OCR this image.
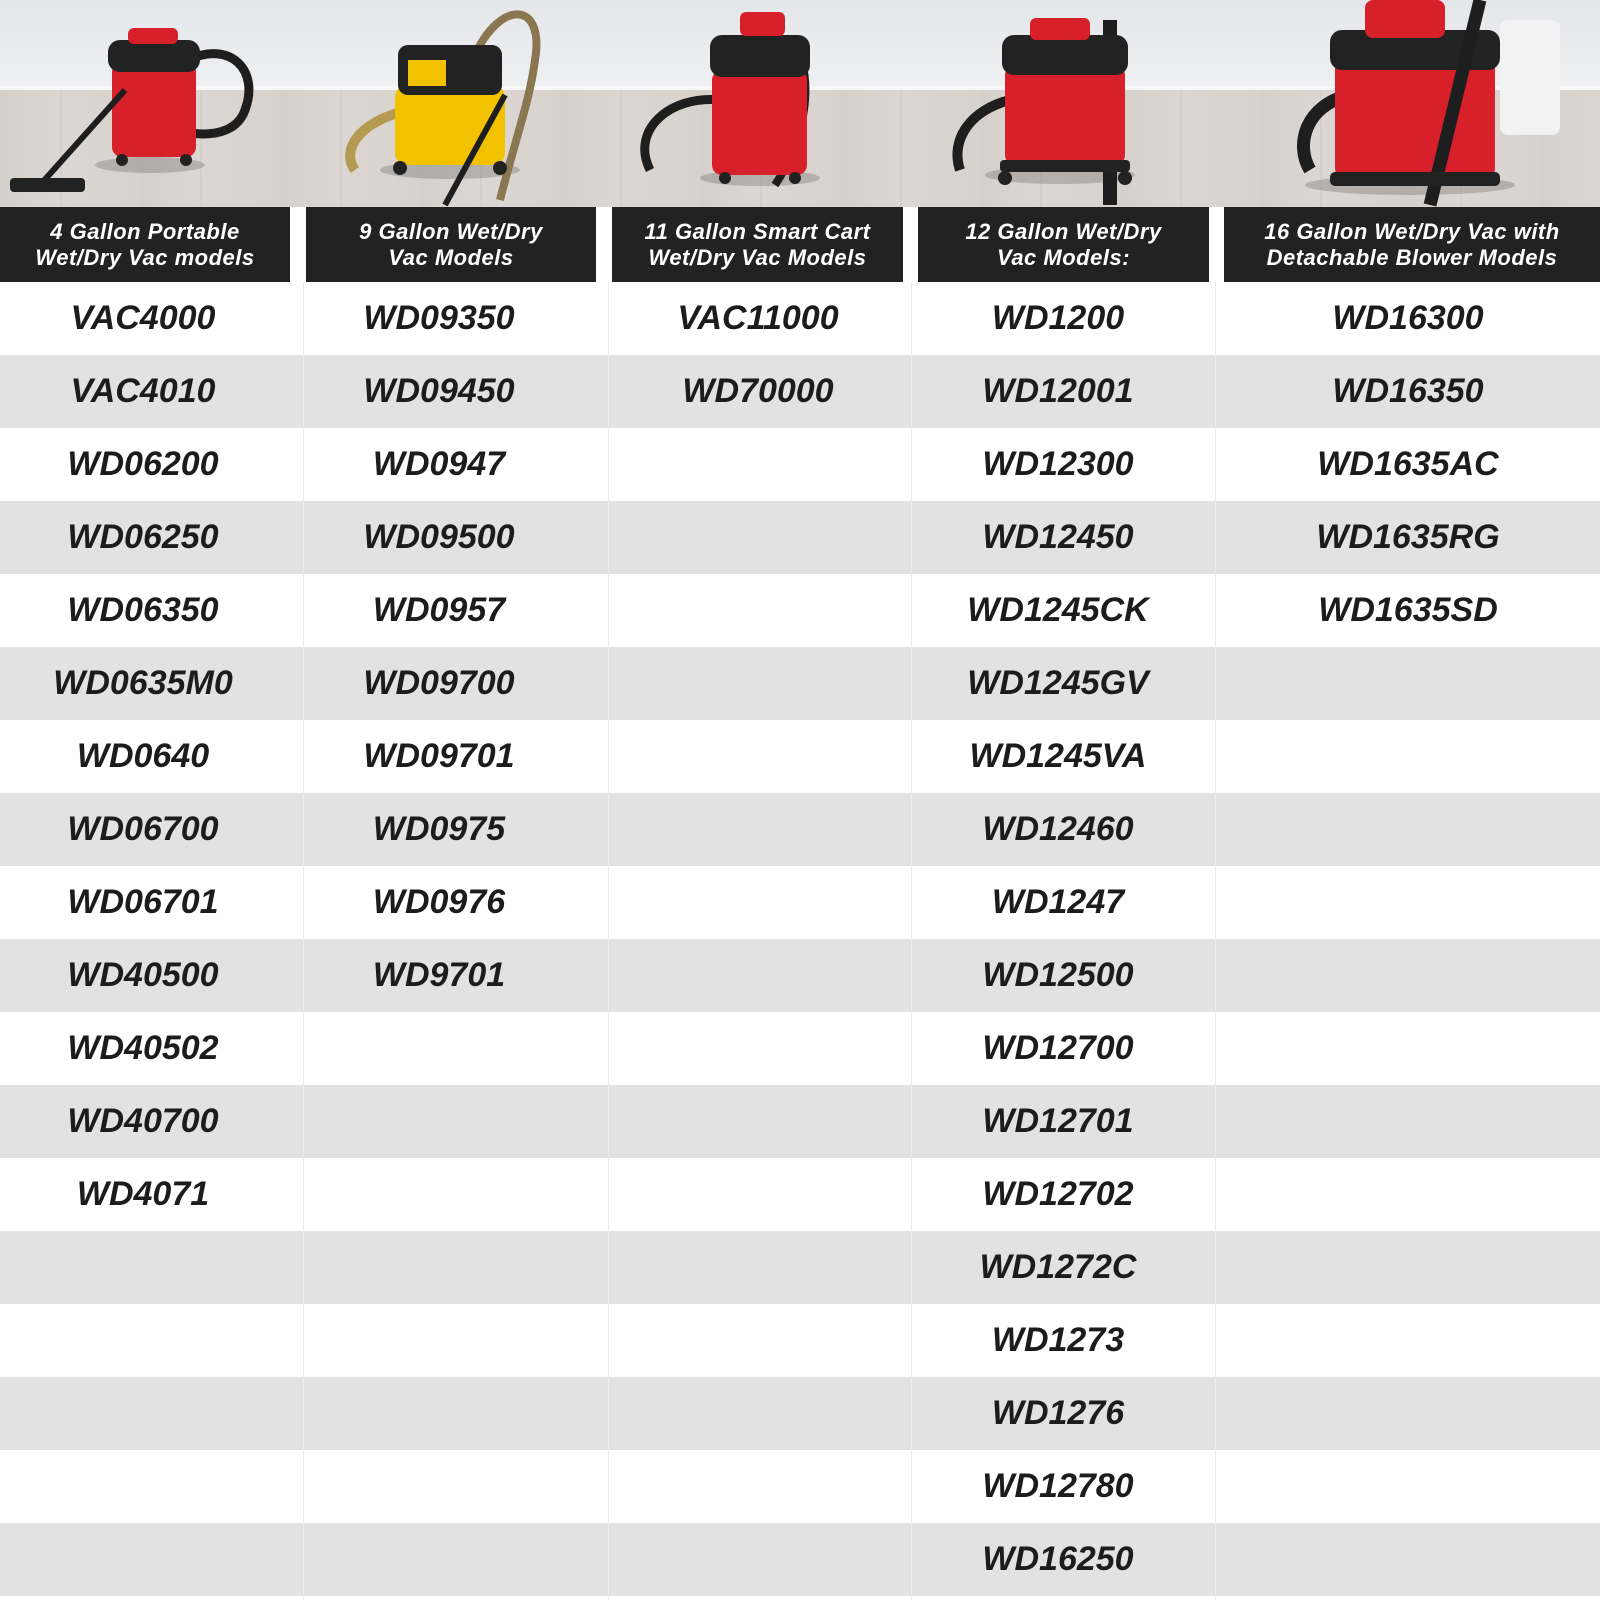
4 Gallon Portable
Wet/Dry Vac models
9 Gallon Wet/Dry
Vac Models
11 Gallon Smart Cart
Wet/Dry Vac Models
12 Gallon Wet/Dry
Vac Models:
16 Gallon Wet/Dry Vac with
Detachable Blower Models
VAC4000
VAC4010
WD06200
WD06250
WD06350
WD0635M0
WD0640
WD06700
WD06701
WD40500
WD40502
WD40700
WD4071
WD09350
WD09450
WD0947
WD09500
WD0957
WD09700
WD09701
WD0975
WD0976
WD9701
VAC11000
WD70000
WD1200
WD12001
WD12300
WD12450
WD1245CK
WD1245GV
WD1245VA
WD12460
WD1247
WD12500
WD12700
WD12701
WD12702
WD1272C
WD1273
WD1276
WD12780
WD16250
WD16300
WD16350
WD1635AC
WD1635RG
WD1635SD
